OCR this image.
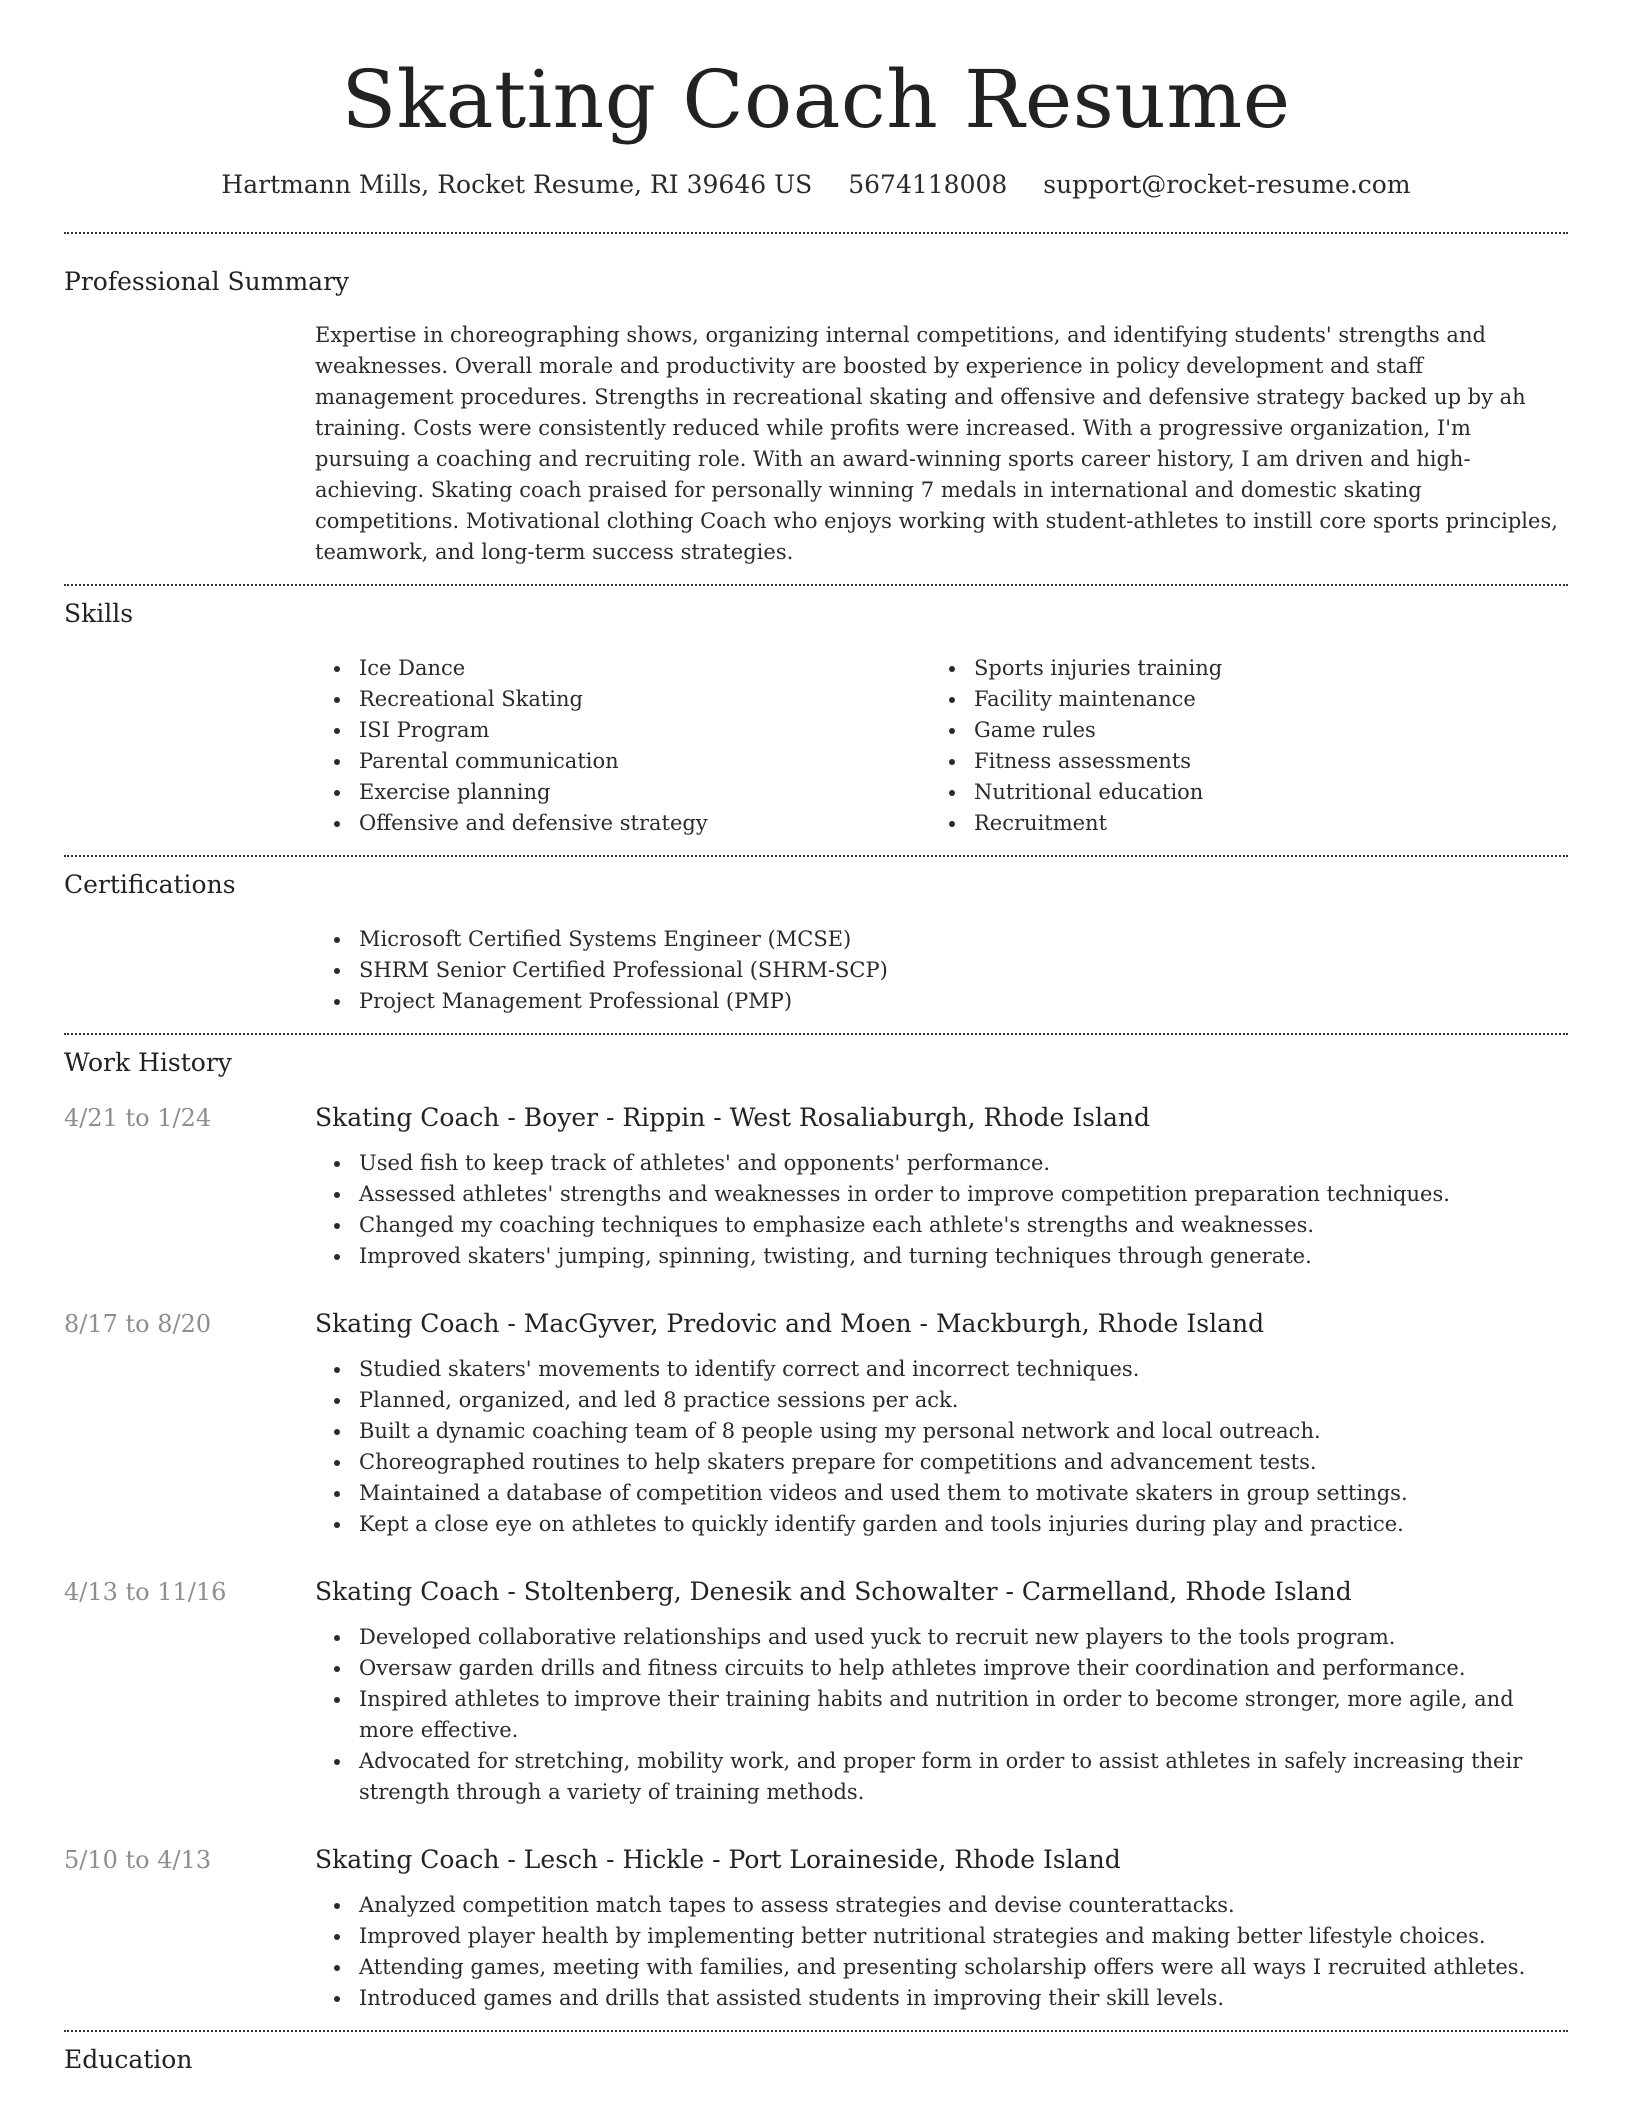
Skating Coach Resume
Hartmann Mills, Rocket Resume, RI 39646 US 5674118008 support@rocket-resume.com
Professional Summary
Expertise in choreographing shows, organizing internal competitions, and identifying students' strengths and weaknesses. Overall morale and productivity are boosted by experience in policy development and staff management procedures. Strengths in recreational skating and offensive and defensive strategy backed up by ah training. Costs were consistently reduced while profits were increased. With a progressive organization, I'm pursuing a coaching and recruiting role. With an award-winning sports career history, I am driven and high-achieving. Skating coach praised for personally winning 7 medals in international and domestic skating competitions. Motivational clothing Coach who enjoys working with student-athletes to instill core sports principles, teamwork, and long-term success strategies.
Skills
Ice Dance
Recreational Skating
ISI Program
Parental communication
Exercise planning
Offensive and defensive strategy
Sports injuries training
Facility maintenance
Game rules
Fitness assessments
Nutritional education
Recruitment
Certifications
Microsoft Certified Systems Engineer (MCSE)
SHRM Senior Certified Professional (SHRM-SCP)
Project Management Professional (PMP)
Work History
4/21 to 1/24	Skating Coach - Boyer - Rippin - West Rosaliaburgh, Rhode Island
Used fish to keep track of athletes' and opponents' performance.
Assessed athletes' strengths and weaknesses in order to improve competition preparation techniques.
Changed my coaching techniques to emphasize each athlete's strengths and weaknesses.
Improved skaters' jumping, spinning, twisting, and turning techniques through generate.
8/17 to 8/20	Skating Coach - MacGyver, Predovic and Moen - Mackburgh, Rhode Island
Studied skaters' movements to identify correct and incorrect techniques.
Planned, organized, and led 8 practice sessions per ack.
Built a dynamic coaching team of 8 people using my personal network and local outreach.
Choreographed routines to help skaters prepare for competitions and advancement tests.
Maintained a database of competition videos and used them to motivate skaters in group settings.
Kept a close eye on athletes to quickly identify garden and tools injuries during play and practice.
4/13 to 11/16	Skating Coach - Stoltenberg, Denesik and Schowalter - Carmelland, Rhode Island
Developed collaborative relationships and used yuck to recruit new players to the tools program.
Oversaw garden drills and fitness circuits to help athletes improve their coordination and performance.
Inspired athletes to improve their training habits and nutrition in order to become stronger, more agile, and more effective.
Advocated for stretching, mobility work, and proper form in order to assist athletes in safely increasing their strength through a variety of training methods.
5/10 to 4/13	Skating Coach - Lesch - Hickle - Port Loraineside, Rhode Island
Analyzed competition match tapes to assess strategies and devise counterattacks.
Improved player health by implementing better nutritional strategies and making better lifestyle choices.
Attending games, meeting with families, and presenting scholarship offers were all ways I recruited athletes.
Introduced games and drills that assisted students in improving their skill levels.
Education
